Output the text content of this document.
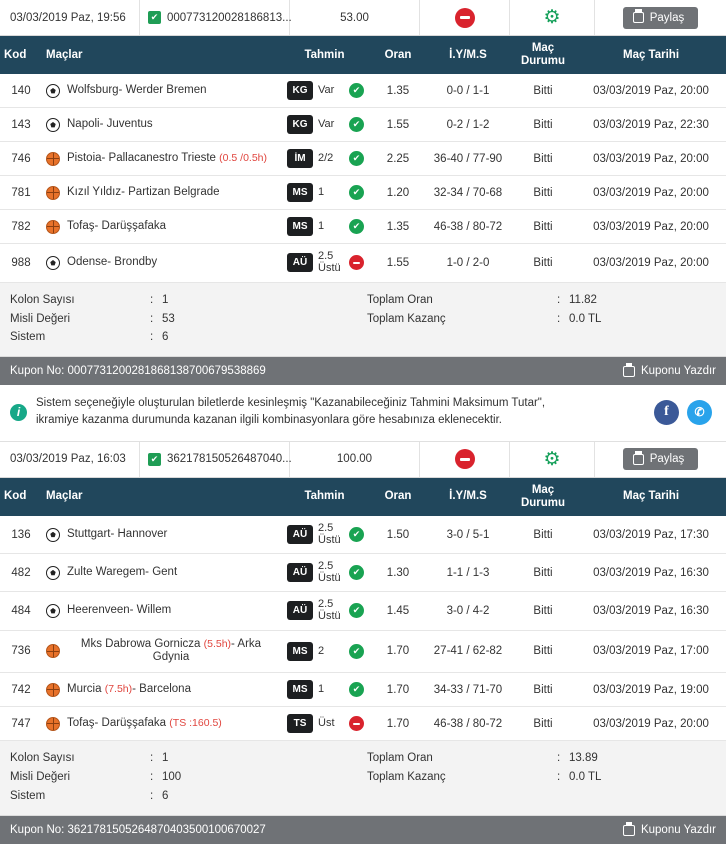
03/03/2019 Paz, 19:56	✔ 000773120028186813...	53.00	⚙	Paylaş
Kod	Maçlar	Tahmin	Oran	İ.Y/M.S	Maç
Durumu	Maç Tarihi
140	Wolfsburg- Werder Bremen	KG Var ✔	1.35	0-0 / 1-1	Bitti	03/03/2019 Paz, 20:00
143	Napoli- Juventus	KG Var ✔	1.55	0-2 / 1-2	Bitti	03/03/2019 Paz, 22:30
746	Pistoia- Pallacanestro Trieste (0.5 /0.5h)	İM 2/2 ✔	2.25	36-40 / 77-90	Bitti	03/03/2019 Paz, 20:00
781	Kızıl Yıldız- Partizan Belgrade	MS 1 ✔	1.20	32-34 / 70-68	Bitti	03/03/2019 Paz, 20:00
782	Tofaş- Darüşşafaka	MS 1 ✔	1.35	46-38 / 80-72	Bitti	03/03/2019 Paz, 20:00
988	Odense- Brondby	AÜ
2.5
Üstü	1.55	1-0 / 2-0	Bitti	03/03/2019 Paz, 20:00
Kolon Sayısı	: 1
Misli Değeri	: 53
Sistem	: 6
Toplam Oran	: 11.82
Toplam Kazanç	: 0.0 TL
Kupon No: 0007731200281868138700679538869	Kuponu Yazdır
i
Sistem seçeneğiyle oluşturulan biletlerde kesinleşmiş "Kazanabileceğiniz Tahmini Maksimum Tutar",
ikramiye kazanma durumunda kazanan ilgili kombinasyonlara göre hesabınıza eklenecektir.
f	✆
03/03/2019 Paz, 16:03	✔ 362178150526487040...	100.00	⚙	Paylaş
Kod	Maçlar	Tahmin	Oran	İ.Y/M.S	Maç
Durumu	Maç Tarihi
136	Stuttgart- Hannover	AÜ
2.5
Üstü ✔	1.50	3-0 / 5-1	Bitti	03/03/2019 Paz, 17:30
482	Zulte Waregem- Gent	AÜ
2.5
Üstü ✔	1.30	1-1 / 1-3	Bitti	03/03/2019 Paz, 16:30
484	Heerenveen- Willem	AÜ
2.5
Üstü ✔	1.45	3-0 / 4-2	Bitti	03/03/2019 Paz, 16:30
736	Mks Dabrowa Gornicza (5.5h)- Arka Gdynia	MS 2 ✔	1.70	27-41 / 62-82	Bitti	03/03/2019 Paz, 17:00
742	Murcia (7.5h)- Barcelona	MS 1 ✔	1.70	34-33 / 71-70	Bitti	03/03/2019 Paz, 19:00
747	Tofaş- Darüşşafaka (TS :160.5)	TS Üst	1.70	46-38 / 80-72	Bitti	03/03/2019 Paz, 20:00
Kolon Sayısı	: 1
Misli Değeri	: 100
Sistem	: 6
Toplam Oran	: 13.89
Toplam Kazanç	: 0.0 TL
Kupon No: 3621781505264870403500100670027	Kuponu Yazdır
